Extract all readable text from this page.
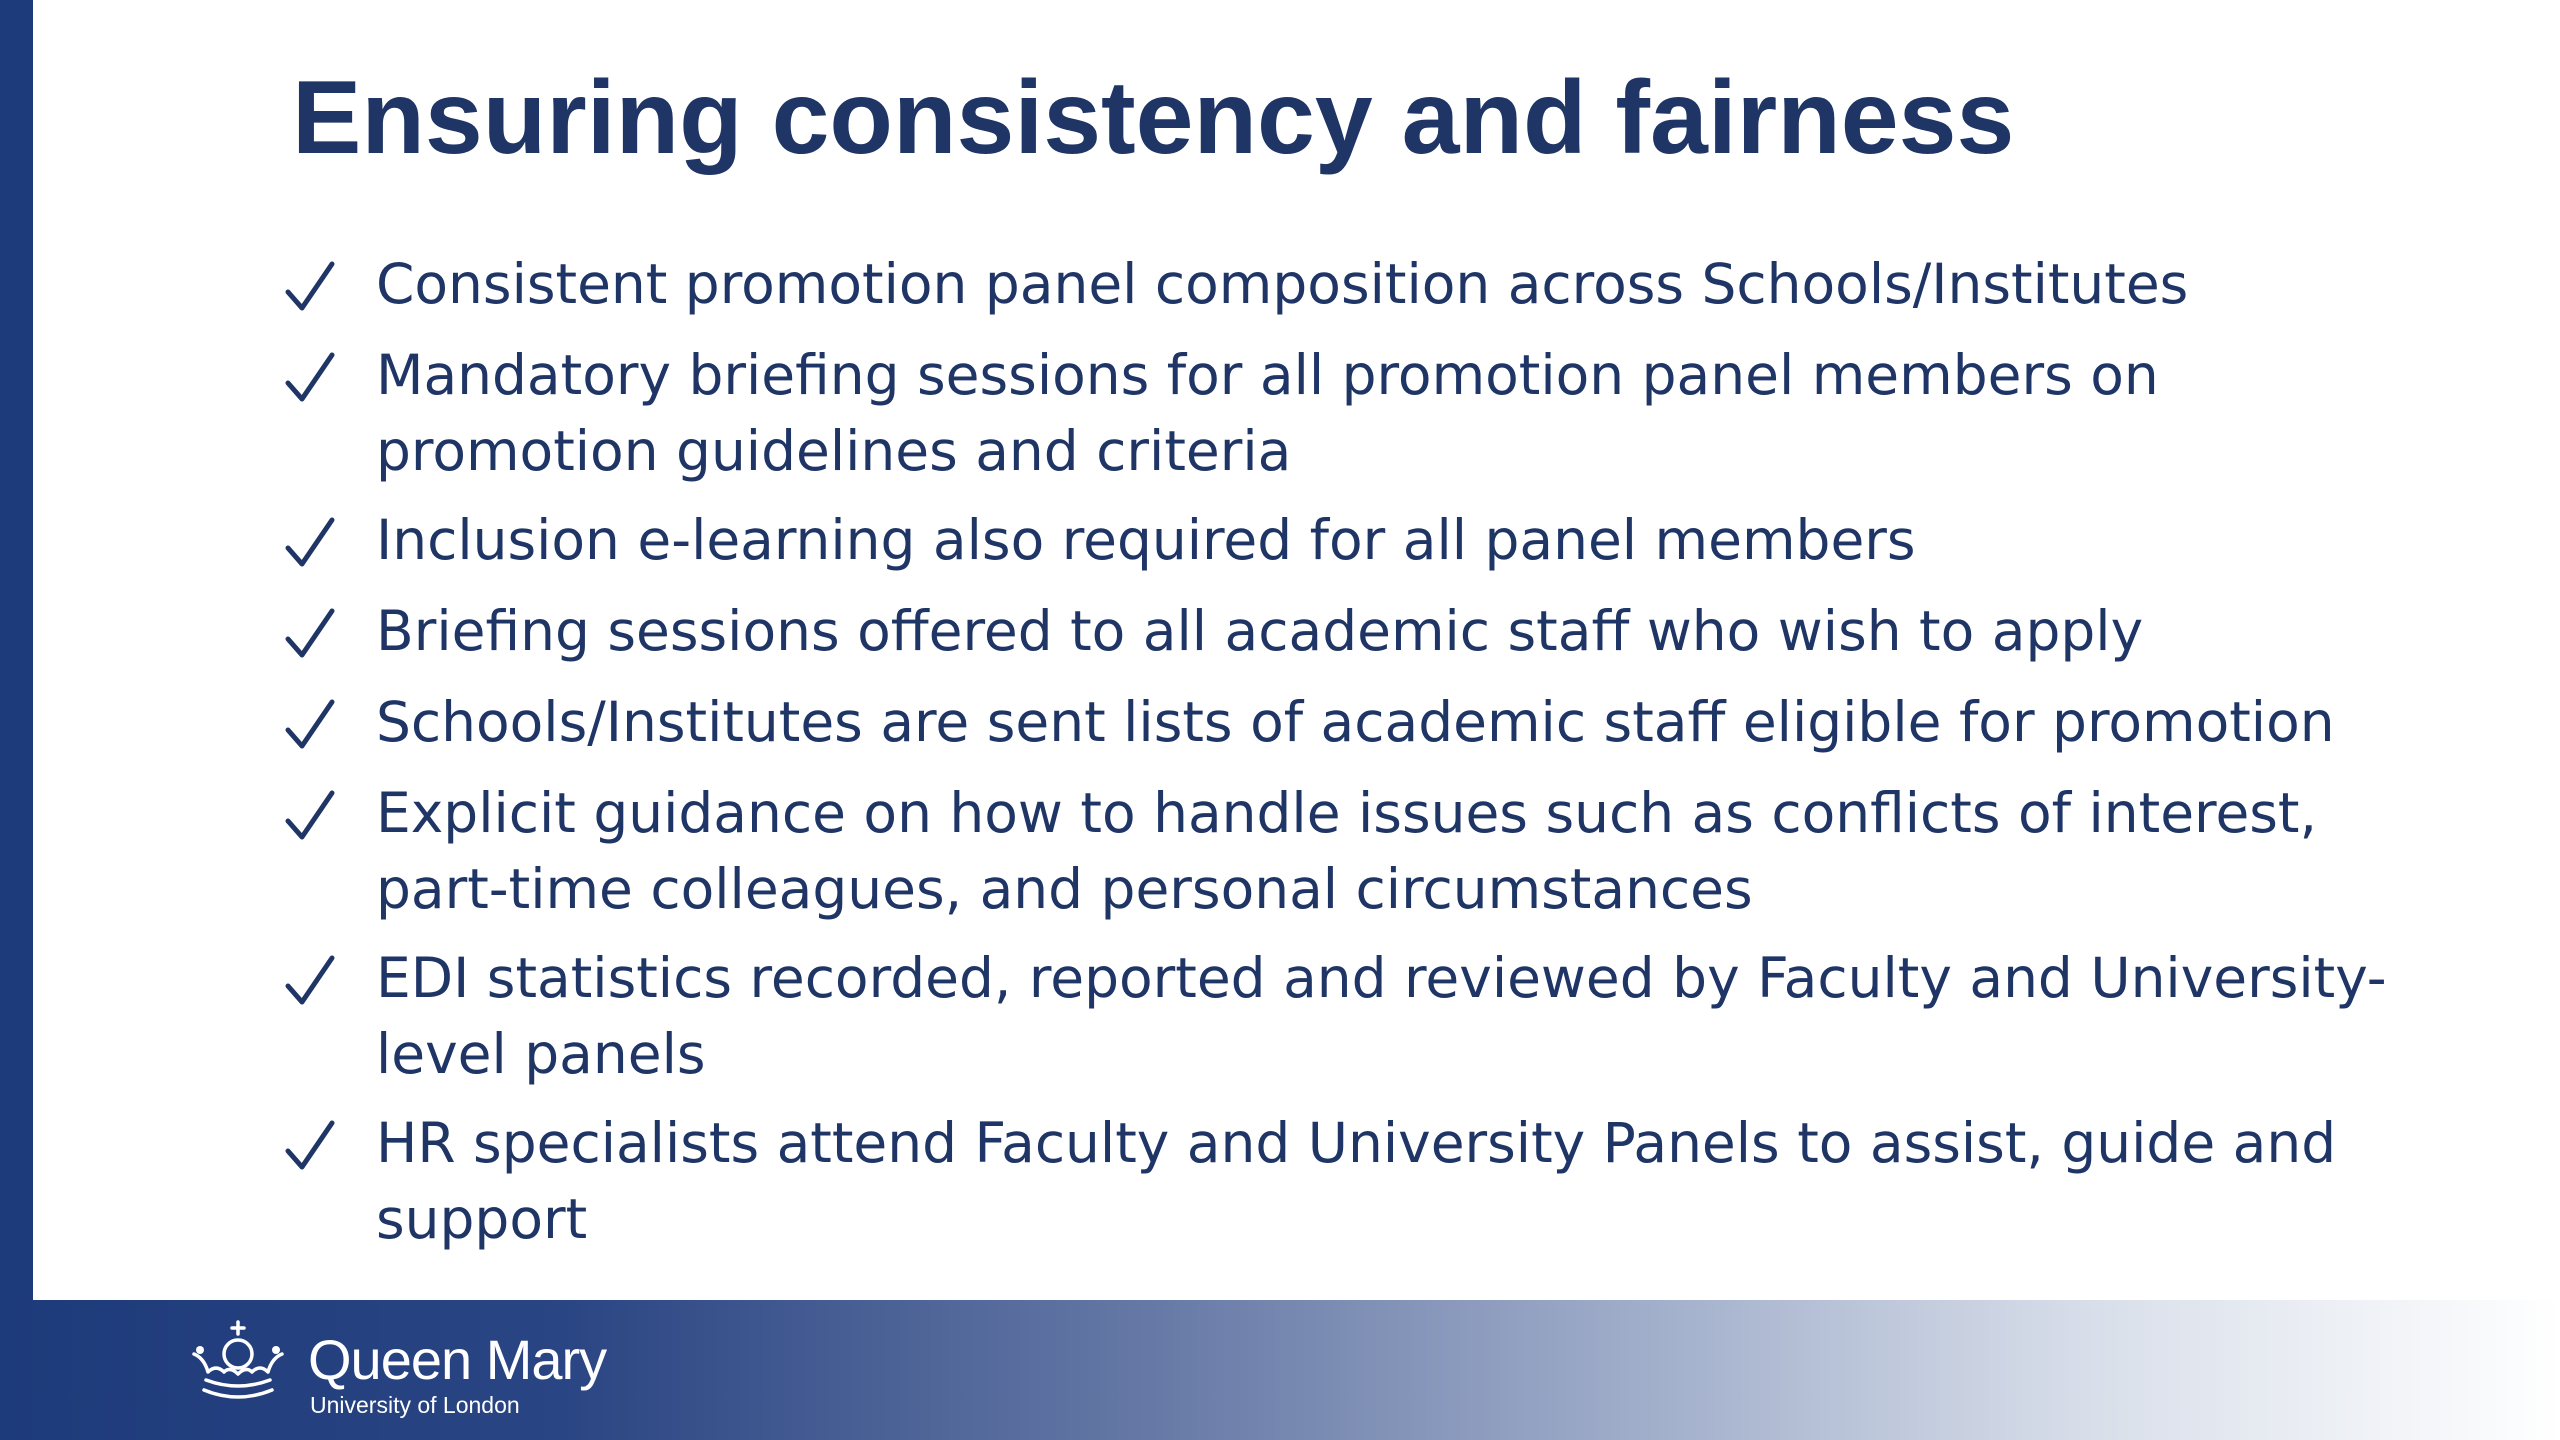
Ensuring consistency and fairness
Consistent promotion panel composition across Schools/Institutes
Mandatory briefing sessions for all promotion panel members on promotion guidelines and criteria
Inclusion e-learning also required for all panel members
Briefing sessions offered to all academic staff who wish to apply
Schools/Institutes are sent lists of academic staff eligible for promotion
Explicit guidance on how to handle issues such as conflicts of interest, part-time colleagues, and personal circumstances
EDI statistics recorded, reported and reviewed by Faculty and University-level panels
HR specialists attend Faculty and University Panels to assist, guide and support
Queen Mary
University of London
